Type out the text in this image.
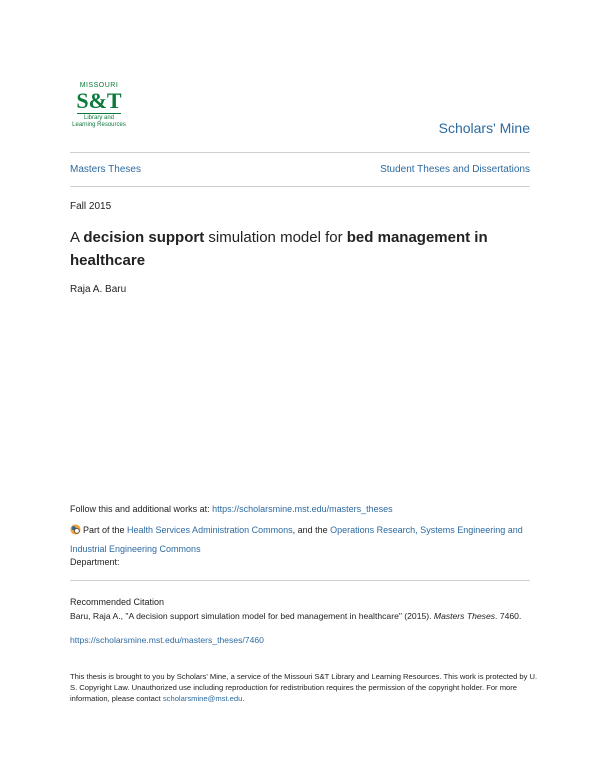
MISSOURI
S&T
Library and
Learning Resources	Scholars' Mine
Masters Theses	Student Theses and Dissertations
Fall 2015
A decision support simulation model for bed management in healthcare
Raja A. Baru
Follow this and additional works at: https://scholarsmine.mst.edu/masters_theses
Part of the Health Services Administration Commons, and the Operations Research, Systems Engineering and Industrial Engineering Commons
Department:
Recommended Citation
Baru, Raja A., "A decision support simulation model for bed management in healthcare" (2015). Masters Theses. 7460.
https://scholarsmine.mst.edu/masters_theses/7460
This thesis is brought to you by Scholars' Mine, a service of the Missouri S&T Library and Learning Resources. This work is protected by U. S. Copyright Law. Unauthorized use including reproduction for redistribution requires the permission of the copyright holder. For more information, please contact scholarsmine@mst.edu.
